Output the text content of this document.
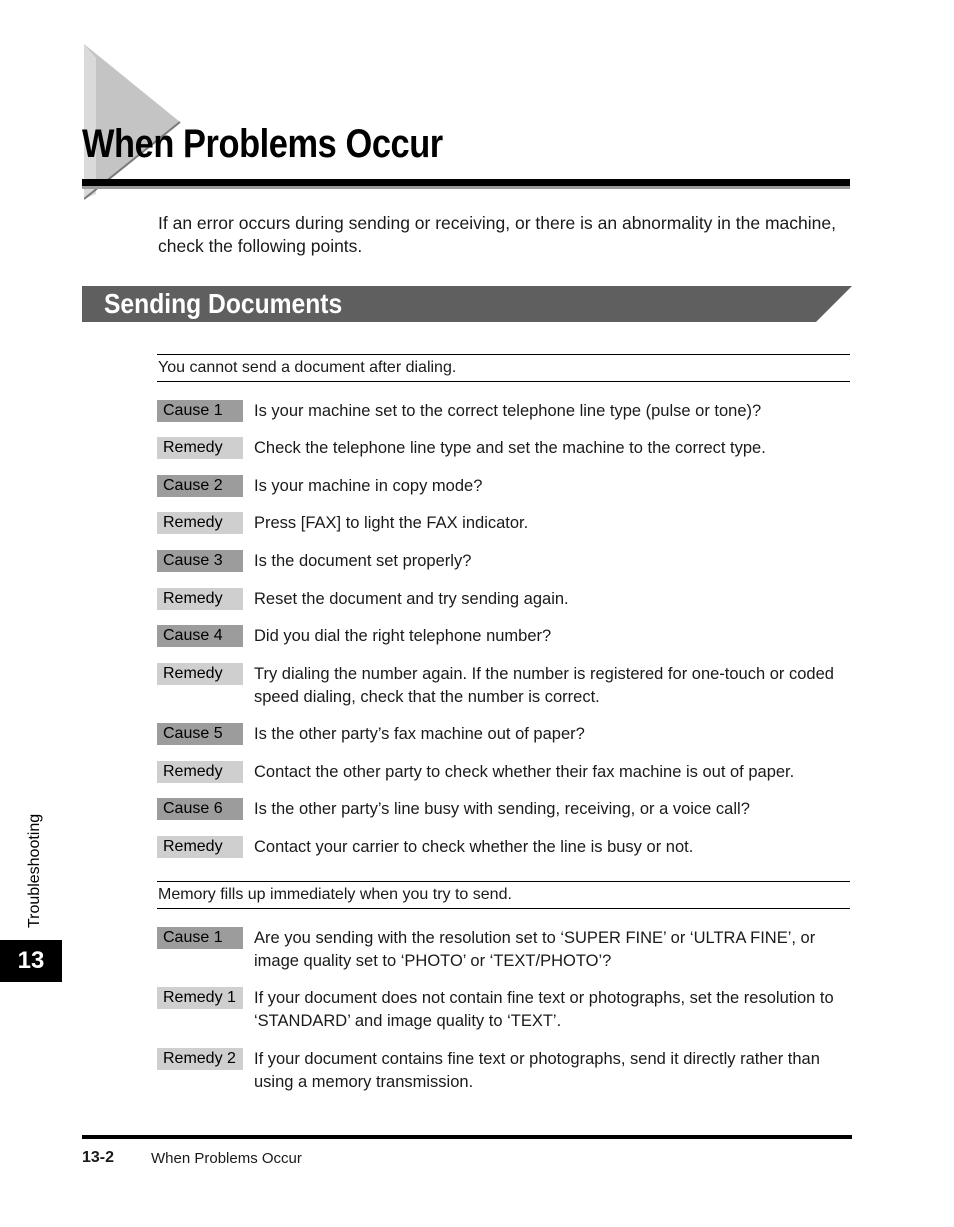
When Problems Occur

If an error occurs during sending or receiving, or there is an abnormality in the machine, check the following points.

Sending Documents
You cannot send a document after dialing.
Cause 1	Is your machine set to the correct telephone line type (pulse or tone)?
Remedy	Check the telephone line type and set the machine to the correct type.
Cause 2	Is your machine in copy mode?
Remedy	Press [FAX] to light the FAX indicator.
Cause 3	Is the document set properly?
Remedy	Reset the document and try sending again.
Cause 4	Did you dial the right telephone number?
Remedy	Try dialing the number again. If the number is registered for one-touch or coded speed dialing, check that the number is correct.
Cause 5	Is the other party’s fax machine out of paper?
Remedy	Contact the other party to check whether their fax machine is out of paper.
Cause 6	Is the other party’s line busy with sending, receiving, or a voice call?
Remedy	Contact your carrier to check whether the line is busy or not.
Memory fills up immediately when you try to send.
Cause 1	Are you sending with the resolution set to ‘SUPER FINE’ or ‘ULTRA FINE’, or image quality set to ‘PHOTO’ or ‘TEXT/PHOTO’?
Remedy 1	If your document does not contain fine text or photographs, set the resolution to ‘STANDARD’ and image quality to ‘TEXT’.
Remedy 2	If your document contains fine text or photographs, send it directly rather than using a memory transmission.
Troubleshooting
13
13-2 When Problems Occur
